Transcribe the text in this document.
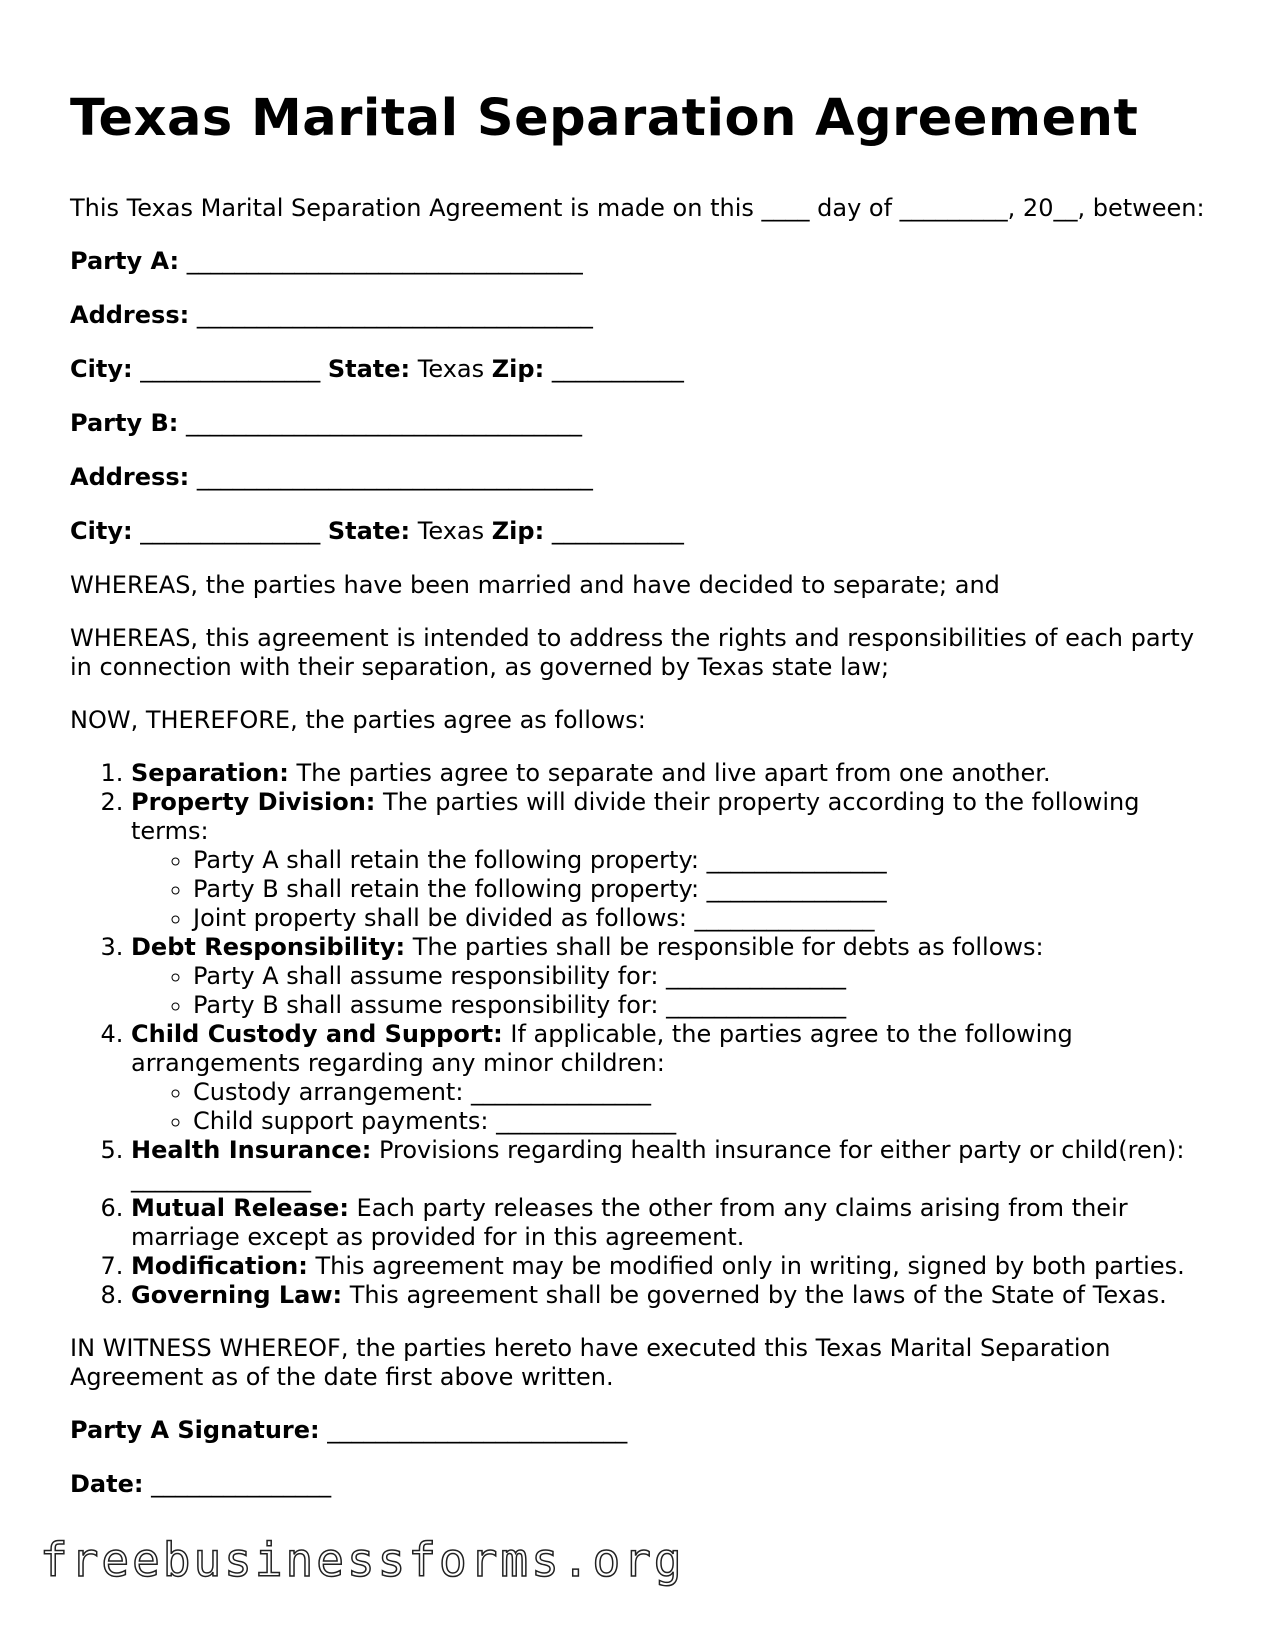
Texas Marital Separation Agreement

This Texas Marital Separation Agreement is made on this ____ day of _________, 20__, between:

Party A: _________________________________
Address: _________________________________
City: _______________ State: Texas Zip: ___________
Party B: _________________________________
Address: _________________________________
City: _______________ State: Texas Zip: ___________

WHEREAS, the parties have been married and have decided to separate; and

WHEREAS, this agreement is intended to address the rights and responsibilities of each party in connection with their separation, as governed by Texas state law;

NOW, THEREFORE, the parties agree as follows:

1. Separation: The parties agree to separate and live apart from one another.
2. Property Division: The parties will divide their property according to the following terms:
◦ Party A shall retain the following property: _______________
◦ Party B shall retain the following property: _______________
◦ Joint property shall be divided as follows: _______________
3. Debt Responsibility: The parties shall be responsible for debts as follows:
◦ Party A shall assume responsibility for: _______________
◦ Party B shall assume responsibility for: _______________
4. Child Custody and Support: If applicable, the parties agree to the following arrangements regarding any minor children:
◦ Custody arrangement: _______________
◦ Child support payments: _______________
5. Health Insurance: Provisions regarding health insurance for either party or child(ren): _______________
6. Mutual Release: Each party releases the other from any claims arising from their marriage except as provided for in this agreement.
7. Modification: This agreement may be modified only in writing, signed by both parties.
8. Governing Law: This agreement shall be governed by the laws of the State of Texas.

IN WITNESS WHEREOF, the parties hereto have executed this Texas Marital Separation Agreement as of the date first above written.

Party A Signature: _________________________
Date: _______________
freebusinessforms.org
